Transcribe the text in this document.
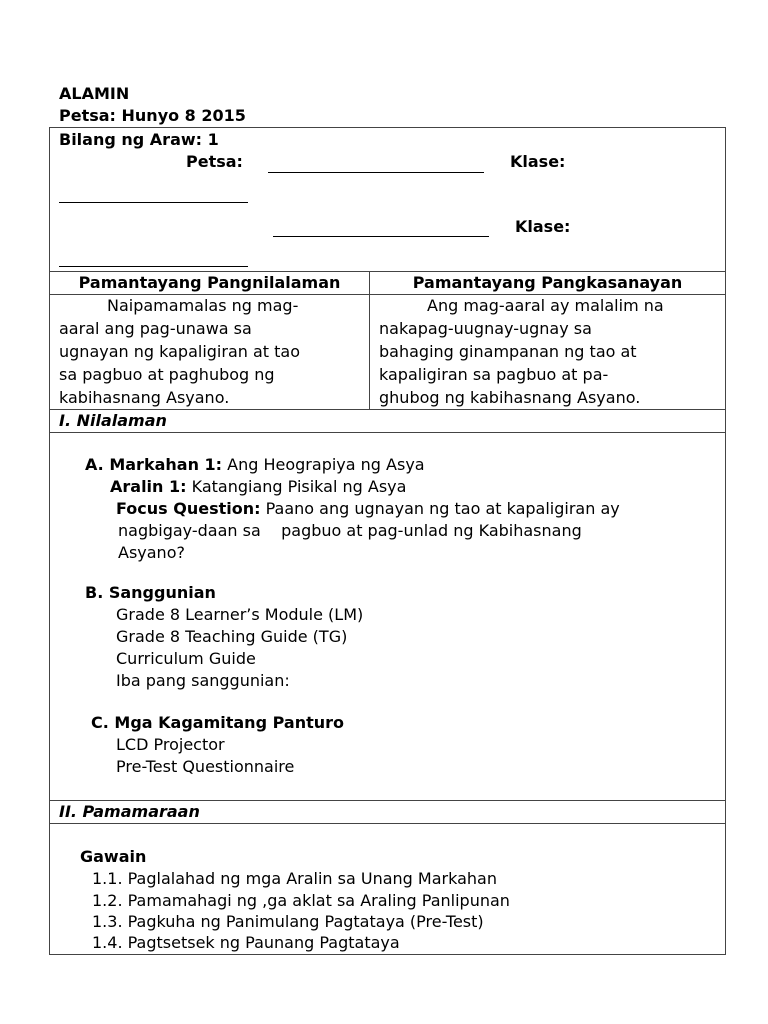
ALAMIN
Petsa: Hunyo 8 2015
Bilang ng Araw: 1
Petsa:	Klase:
Klase:
Pamantayang Pangnilalaman	Pamantayang Pangkasanayan
Naipamamalas ng mag-
aaral ang pag-unawa sa
ugnayan ng kapaligiran at tao
sa pagbuo at paghubog ng
kabihasnang Asyano.
Ang mag-aaral ay malalim na
nakapag-uugnay-ugnay sa
bahaging ginampanan ng tao at
kapaligiran sa pagbuo at pa-
ghubog ng kabihasnang Asyano.
I. Nilalaman
A. Markahan 1: Ang Heograpiya ng Asya
Aralin 1: Katangiang Pisikal ng Asya
Focus Question: Paano ang ugnayan ng tao at kapaligiran ay
nagbigay-daan sa    pagbuo at pag-unlad ng Kabihasnang
Asyano?
B. Sanggunian
Grade 8 Learner’s Module (LM)
Grade 8 Teaching Guide (TG)
Curriculum Guide
Iba pang sanggunian:
C. Mga Kagamitang Panturo
LCD Projector
Pre-Test Questionnaire
II. Pamamaraan
Gawain
1.1. Paglalahad ng mga Aralin sa Unang Markahan
1.2. Pamamahagi ng ,ga aklat sa Araling Panlipunan
1.3. Pagkuha ng Panimulang Pagtataya (Pre-Test)
1.4. Pagtsetsek ng Paunang Pagtataya
